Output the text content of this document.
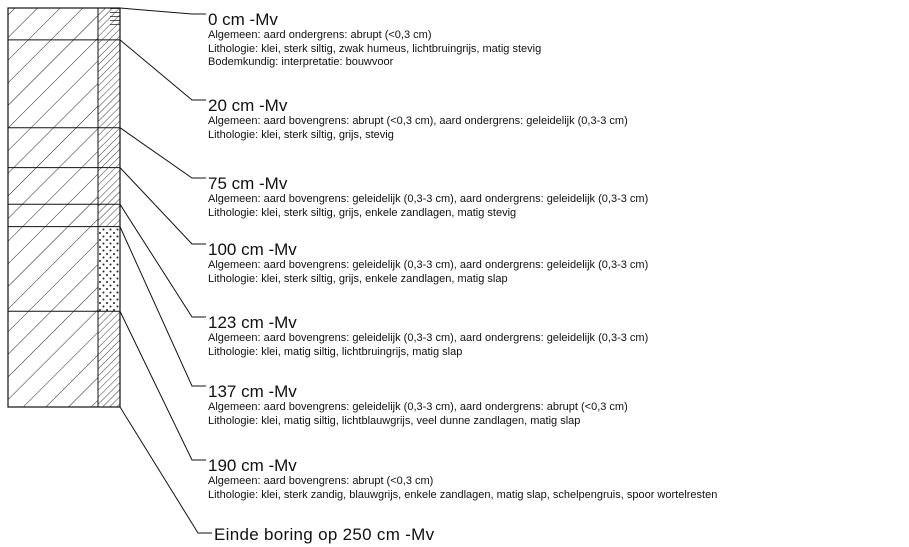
0 cm -Mv
Algemeen: aard ondergrens: abrupt (<0,3 cm)
Lithologie: klei, sterk siltig, zwak humeus, lichtbruingrijs, matig stevig
Bodemkundig: interpretatie: bouwvoor
20 cm -Mv
Algemeen: aard bovengrens: abrupt (<0,3 cm), aard ondergrens: geleidelijk (0,3-3 cm)
Lithologie: klei, sterk siltig, grijs, stevig
75 cm -Mv
Algemeen: aard bovengrens: geleidelijk (0,3-3 cm), aard ondergrens: geleidelijk (0,3-3 cm)
Lithologie: klei, sterk siltig, grijs, enkele zandlagen, matig stevig
100 cm -Mv
Algemeen: aard bovengrens: geleidelijk (0,3-3 cm), aard ondergrens: geleidelijk (0,3-3 cm)
Lithologie: klei, sterk siltig, grijs, enkele zandlagen, matig slap
123 cm -Mv
Algemeen: aard bovengrens: geleidelijk (0,3-3 cm), aard ondergrens: geleidelijk (0,3-3 cm)
Lithologie: klei, matig siltig, lichtbruingrijs, matig slap
137 cm -Mv
Algemeen: aard bovengrens: geleidelijk (0,3-3 cm), aard ondergrens: abrupt (<0,3 cm)
Lithologie: klei, matig siltig, lichtblauwgrijs, veel dunne zandlagen, matig slap
190 cm -Mv
Algemeen: aard bovengrens: abrupt (<0,3 cm)
Lithologie: klei, sterk zandig, blauwgrijs, enkele zandlagen, matig slap, schelpengruis, spoor wortelresten
Einde boring op 250 cm -Mv
